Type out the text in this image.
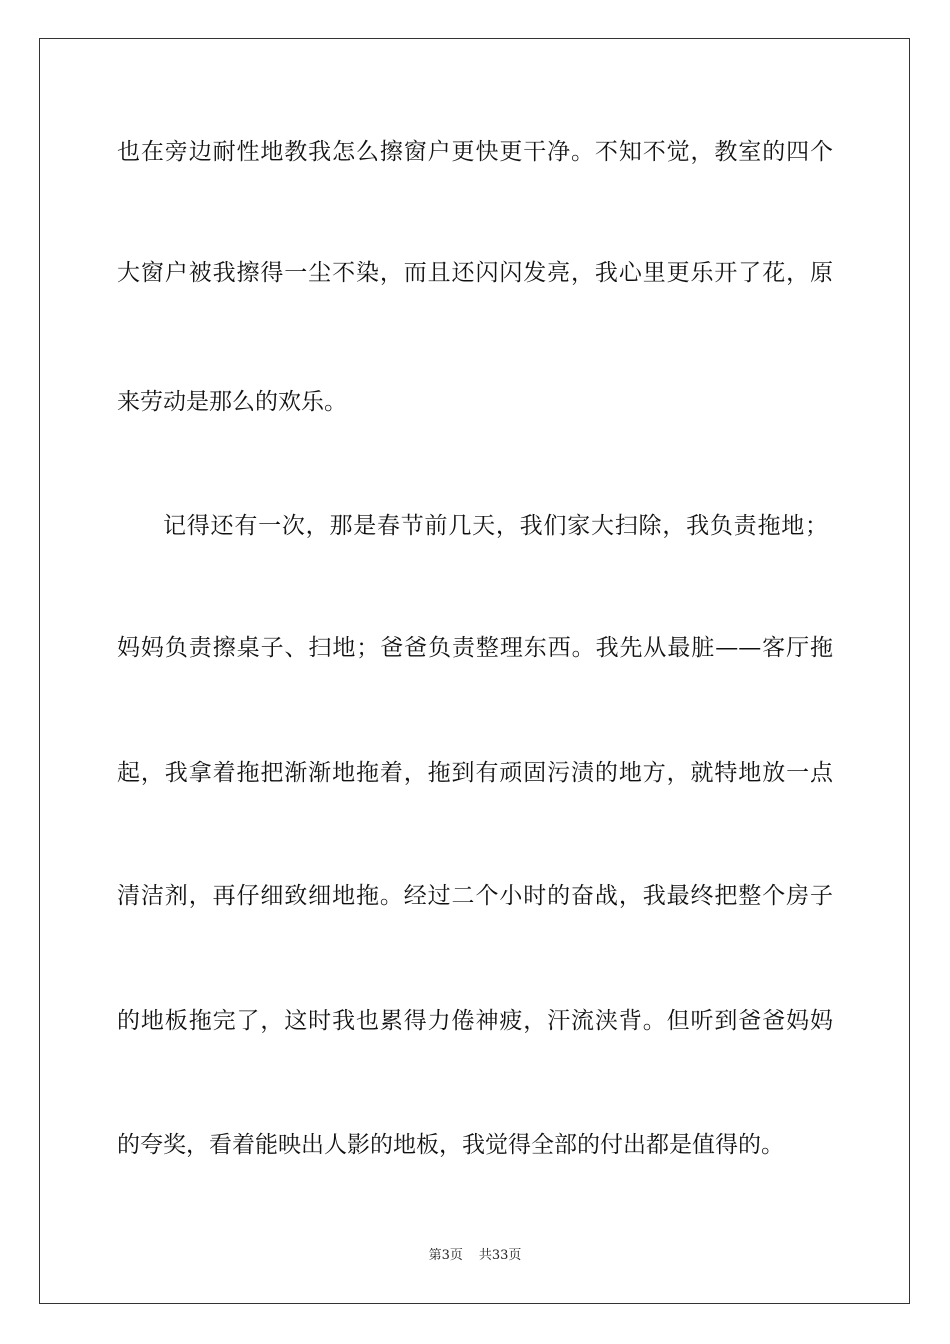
也在旁边耐性地教我怎么擦窗户更快更干净。不知不觉，教室的四个
大窗户被我擦得一尘不染，而且还闪闪发亮，我心里更乐开了花，原
来劳动是那么的欢乐。
记得还有一次，那是春节前几天，我们家大扫除，我负责拖地；
妈妈负责擦桌子、扫地；爸爸负责整理东西。我先从最脏——客厅拖
起，我拿着拖把渐渐地拖着，拖到有顽固污渍的地方，就特地放一点
清洁剂，再仔细致细地拖。经过二个小时的奋战，我最终把整个房子
的地板拖完了，这时我也累得力倦神疲，汗流浃背。但听到爸爸妈妈
的夸奖，看着能映出人影的地板，我觉得全部的付出都是值得的。
第3页 共33页
